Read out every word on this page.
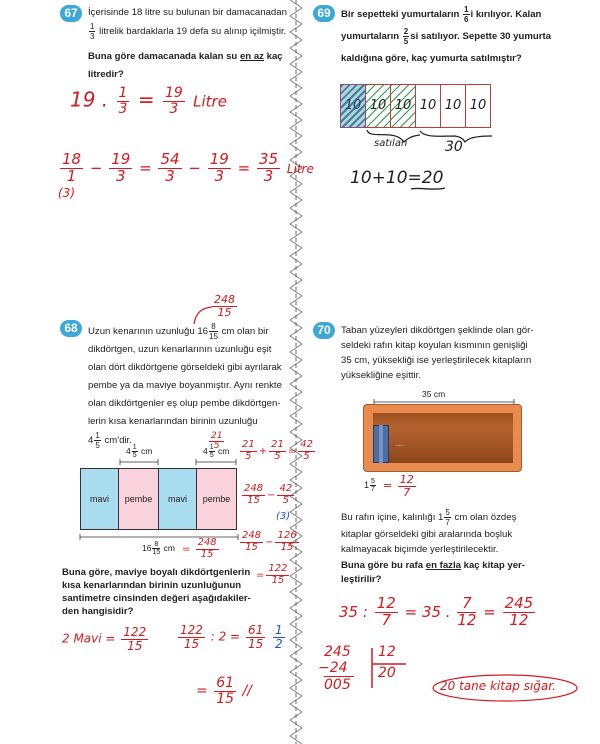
67	İçerisinde 18 litre su bulunan bir damacanadan

$\frac{1}{3}$ litrelik bardaklarla 19 defa su alınıp içilmiştir.
Buna göre damacanada kalan su en az kaç
litredir?
19 . $\frac{1}{3} = \frac{19}{3}$ Litre
$\frac{18}{1} - \frac{19}{3} = \frac{54}{3} - \frac{19}{3} = \frac{35}{3}$ Litre
(3)
69	Bir sepetteki yumurtaların $\frac{1}{6}$ i kırılıyor. Kalan
yumurtaların $\frac{2}{5}$ si satılıyor. Sepette 30 yumurta
kaldığına göre, kaç yumurta satılmıştır?
10 10 10 10 10 10
satılan	30
10+10=20
68
$\frac{248}{15}$
Uzun kenarının uzunluğu $16 \frac{8}{15}$ cm olan bir
dikdörtgen, uzun kenarlarının uzunluğu eşit
olan dört dikdörtgene görseldeki gibi ayrılarak
pembe ya da maviye boyanmıştır. Aynı renkte
olan dikdörtgenler eş olup pembe dikdörtgen-
lerin kısa kenarlarından birinin uzunluğu
$4 \frac{1}{5} cm'dir$.
$4 \frac{1}{5}$ cm	$4 \frac{1}{5}$ cm
$\frac{21}{5}$
mavi	pembe	mavi	pembe
$16 \frac{8}{15}$ cm = $\frac{248}{15}$
$\frac{21}{5} + \frac{21}{5} = \frac{42}{5}$
$\frac{248}{15} - \frac{42}{5}$
(3)
$\frac{248}{15} - \frac{126}{15}$
= $\frac{122}{15}$
Buna göre, maviye boyalı dikdörtgenlerin
kısa kenarlarından birinin uzunluğunun
santimetre cinsinden değeri aşağıdakiler-
den hangisidir?
2 Mavi = $\frac{122}{15} \frac{122}{15}$ : $2 = \frac{61}{15}$
$\frac{1}{2}$
= $\frac{61}{15}$ //
70	Taban yüzeyleri dikdörtgen şeklinde olan gör-
seldeki rafın kitap koyulan kısmının genişliği
35 cm, yüksekliği ise yerleştirilecek kitapların
yüksekliğine eşittir.
35 cm
...
$1 \frac{5}{7} = \frac{12}{7}$
Bu rafın içine, kalınlığı $1 \frac{5}{7}$ cm olan özdeş
kitaplar görseldeki gibi aralarında boşluk
kalmayacak biçimde yerleştirilecektir.
Buna göre bu rafa en fazla kaç kitap yer-
leştirilir?
35 : $\frac{12}{7} = 35$ . $\frac{7}{12} = \frac{245}{12}$
245
−24
005
12
20
20 tane kitap sığar.
